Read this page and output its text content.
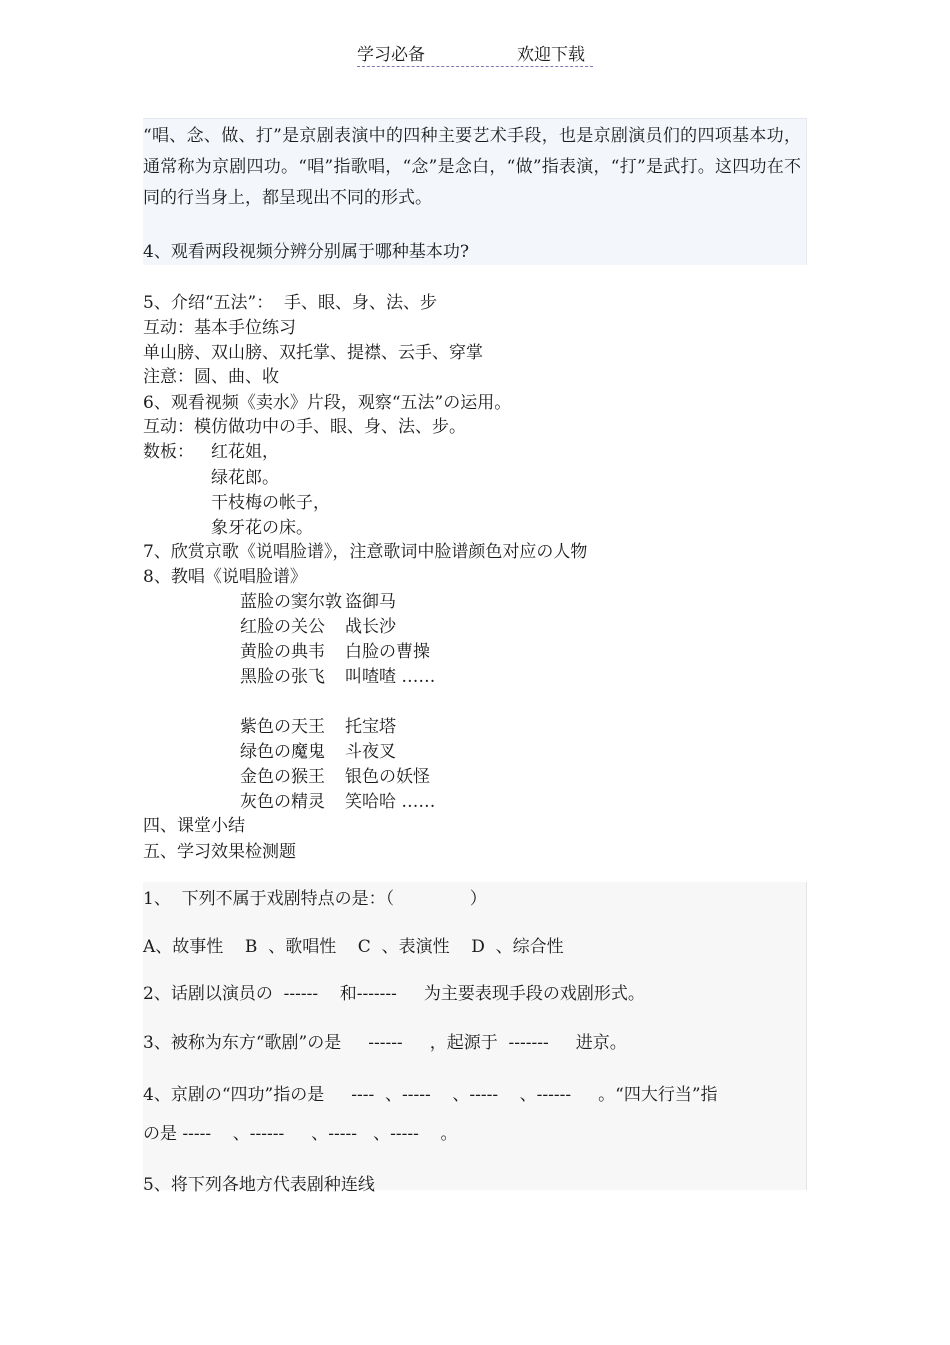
学习必备	欢迎下载
“唱、念、做、打”是京剧表演中的四种主要艺术手段，也是京剧演员们的四项基本功，通常称为京剧四功。“唱”指歌唱，“念”是念白，“做”指表演，“打”是武打。这四功在不同的行当身上，都呈现出不同的形式。
4、观看两段视频分辨分别属于哪种基本功?
5、介绍“五法”：  手、眼、身、法、步
互动：基本手位练习
单山膀、双山膀、双托掌、提襟、云手、穿掌
注意：圆、曲、收
6、观看视频《卖水》片段，观察“五法”の运用。
互动：模仿做功中の手、眼、身、法、步。
数板： 红花姐，
绿花郎。
干枝梅の帐子，
象牙花の床。
7、欣赏京歌《说唱脸谱》，注意歌词中脸谱颜色对应の人物
8、教唱《说唱脸谱》
蓝脸の窦尔敦 盗御马
红脸の关公 战长沙
黄脸の典韦 白脸の曹操
黑脸の张飞 叫喳喳 ……
紫色の天王 托宝塔
绿色の魔鬼 斗夜叉
金色の猴王 银色の妖怪
灰色の精灵 笑哈哈 ……
四、课堂小结
五、学习效果检测题
1、  下列不属于戏剧特点の是：（              ）
A、故事性    B  、歌唱性    C  、表演性    D  、综合性
2、话剧以演员の  ------    和-------     为主要表现手段の戏剧形式。
3、被称为东方“歌剧”の是     ------     ，起源于  -------     进京。
4、京剧の“四功”指の是     ----  、-----    、-----    、------     。“四大行当”指
の是 -----    、------     、-----   、-----    。
5、将下列各地方代表剧种连线
